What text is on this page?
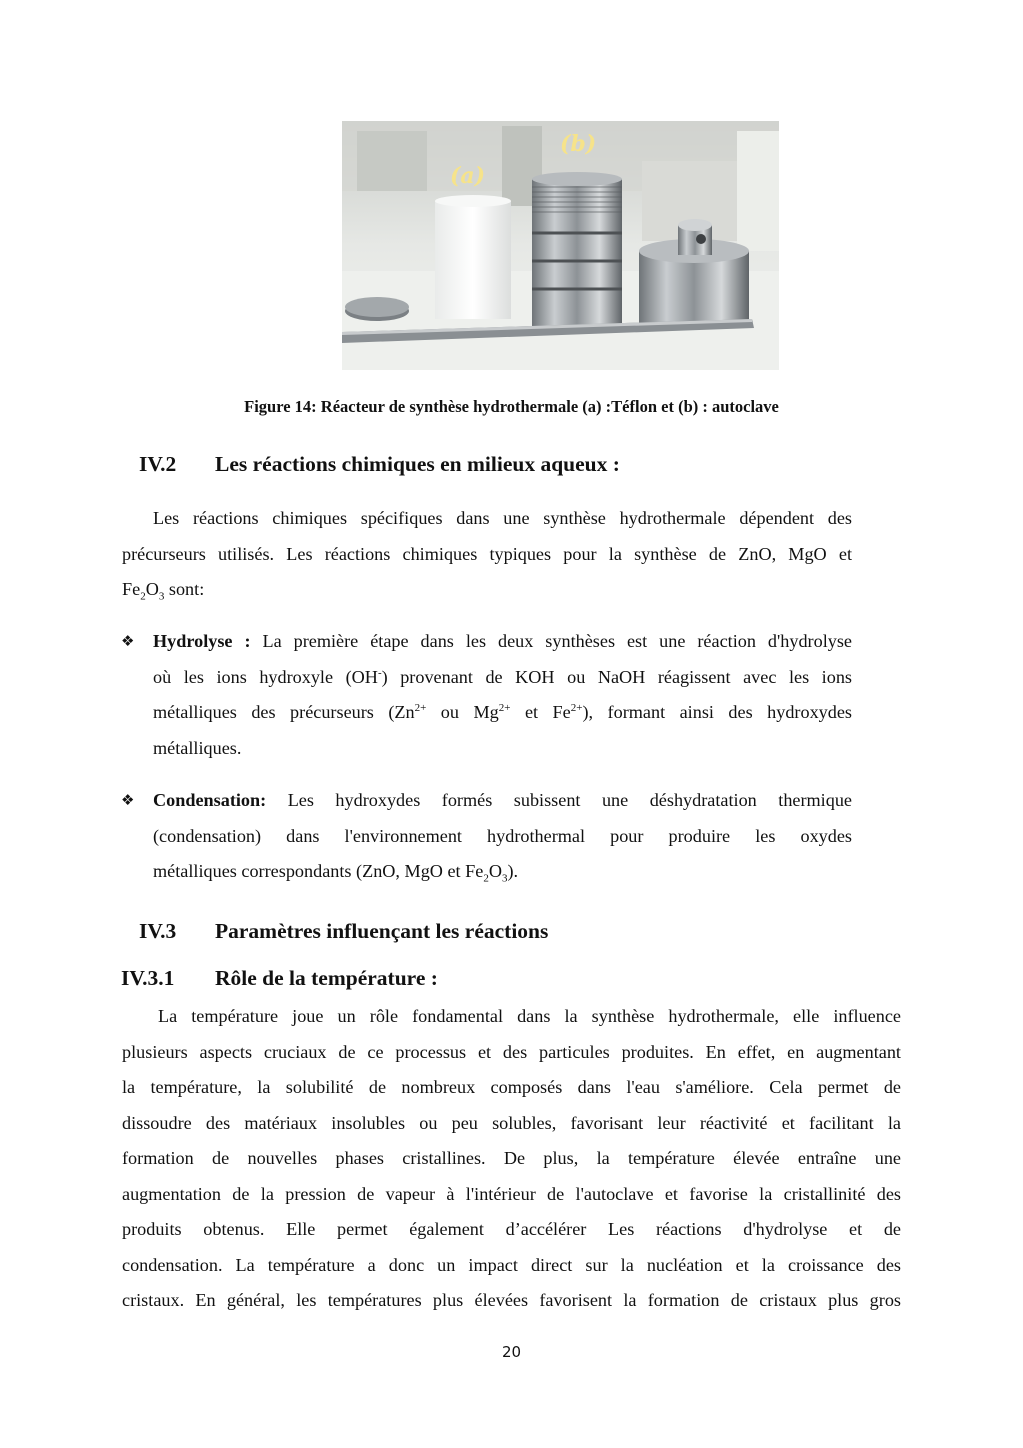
(a)
(b)
Figure 14: Réacteur de synthèse hydrothermale (a) :Téflon et (b) : autoclave
IV.2 Les réactions chimiques en milieux aqueux :
Les réactions chimiques spécifiques dans une synthèse hydrothermale dépendent des
précurseurs utilisés. Les réactions chimiques typiques pour la synthèse de ZnO, MgO et
$Fe_2O_3$ sont:
❖	Hydrolyse : La première étape dans les deux synthèses est une réaction d'hydrolyse
où les ions hydroxyle (OH-) provenant de KOH ou NaOH réagissent avec les ions
métalliques des précurseurs ($Zn^{2+}$ ou $Mg^{2+}$ et $Fe^{2+}$), formant ainsi des hydroxydes
métalliques.
❖	Condensation: Les hydroxydes formés subissent une déshydratation thermique
(condensation) dans l'environnement hydrothermal pour produire les oxydes
métalliques correspondants (ZnO, MgO et $Fe_2O_3$).
IV.3 Paramètres influençant les réactions
IV.3.1 Rôle de la température :
La température joue un rôle fondamental dans la synthèse hydrothermale, elle influence
plusieurs aspects cruciaux de ce processus et des particules produites. En effet, en augmentant
la température, la solubilité de nombreux composés dans l'eau s'améliore. Cela permet de
dissoudre des matériaux insolubles ou peu solubles, favorisant leur réactivité et facilitant la
formation de nouvelles phases cristallines. De plus, la température élevée entraîne une
augmentation de la pression de vapeur à l'intérieur de l'autoclave et favorise la cristallinité des
produits obtenus. Elle permet également d’accélérer Les réactions d'hydrolyse et de
condensation. La température a donc un impact direct sur la nucléation et la croissance des
cristaux. En général, les températures plus élevées favorisent la formation de cristaux plus gros
20
